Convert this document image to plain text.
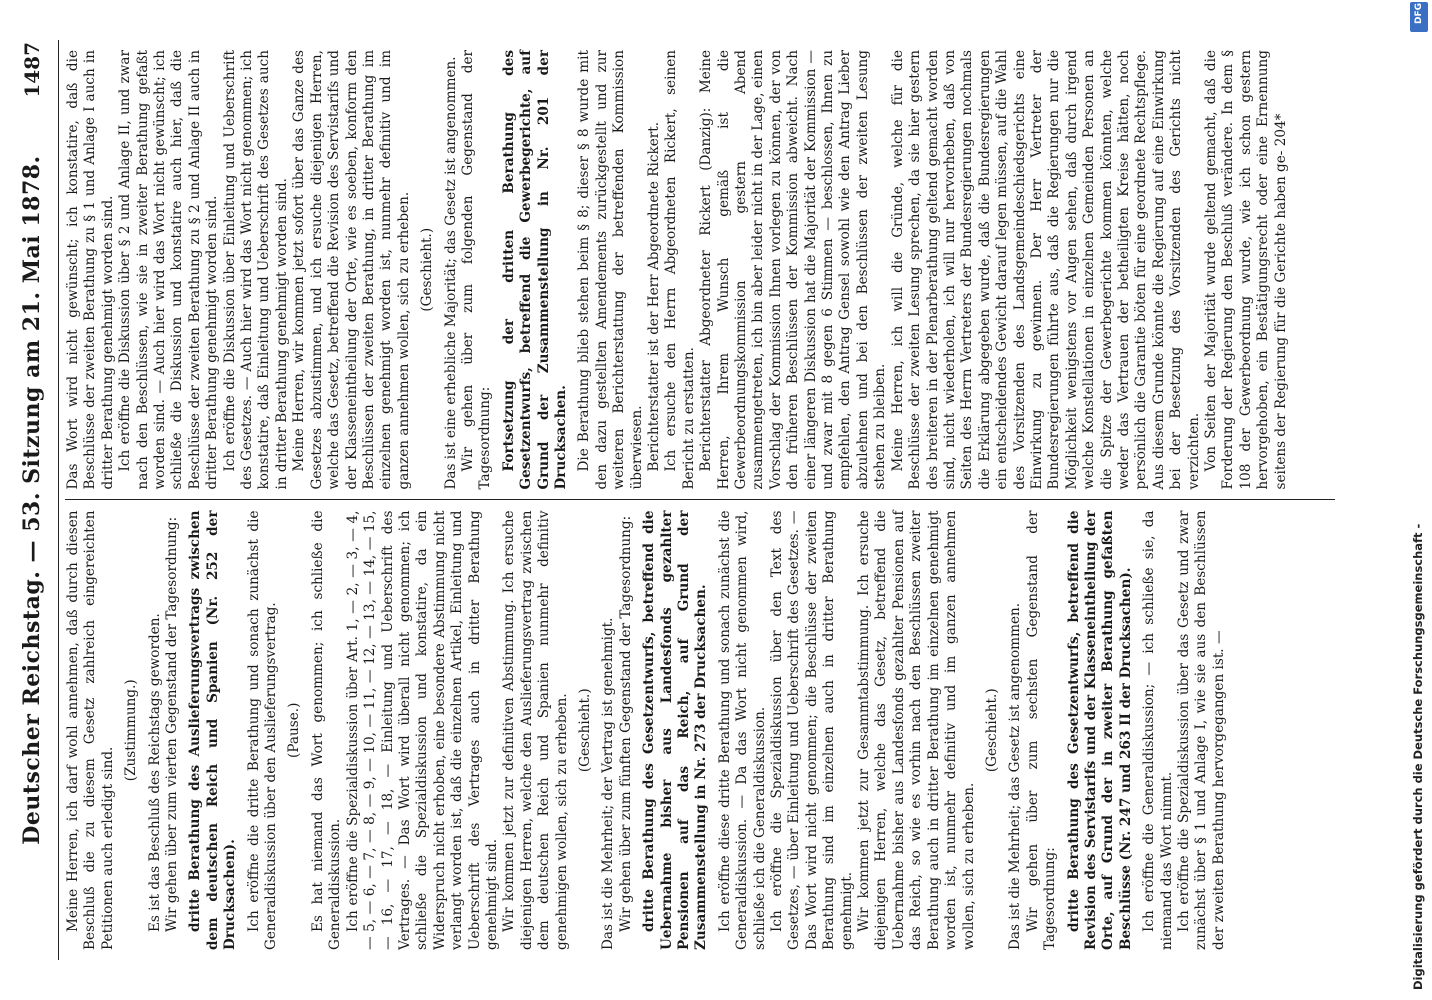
Deutscher Reichstag. — 53. Sitzung am 21. Mai 1878.
1487

Meine Herren, ich darf wohl annehmen, daß durch diesen Beschluß die zu diesem Gesetz zahlreich eingereichten Petitionen auch erledigt sind.

(Zustimmung.) Es ist das Beschluß des Reichstags geworden. Wir gehen über zum vierten Gegenstand der Tagesordnung: dritte Berathung des Auslieferungsvertrags zwischen dem deutschen Reich und Spanien (Nr. 252 der Drucksachen). Ich eröffne die dritte Berathung und sonach zunächst die Generaldiskussion über den Auslieferungsvertrag. (Pause.) Es hat niemand das Wort genommen; ich schließe die Generaldiskussion. Ich eröffne die Spezialdiskussion über Art. 1, — 2, — 3, — 4, — 5, — 6, — 7, — 8, — 9, — 10, — 11, — 12, — 13, — 14, — 15, — 16, — 17, — 18, — Einleitung und Ueberschrift des Vertrages. — Das Wort wird überall nicht genommen; ich schließe die Spezialdiskussion und konstatire, da ein Widerspruch nicht erhoben, eine besondere Abstimmung nicht verlangt worden ist, daß die einzelnen Artikel, Einleitung und Ueberschrift des Vertrages auch in dritter Berathung genehmigt sind. Wir kommen jetzt zur definitiven Abstimmung. Ich ersuche diejenigen Herren, welche den Auslieferungsvertrag zwischen dem deutschen Reich und Spanien nunmehr definitiv genehmigen wollen, sich zu erheben. (Geschieht.) Das ist die Mehrheit; der Vertrag ist genehmigt. Wir gehen über zum fünften Gegenstand der Tagesordnung: dritte Berathung des Gesetzentwurfs, betreffend die Uebernahme bisher aus Landesfonds gezahlter Pensionen auf das Reich, auf Grund der Zusammenstellung in Nr. 273 der Drucksachen. Ich eröffne diese dritte Berathung und sonach zunächst die Generaldiskussion. — Da das Wort nicht genommen wird, schließe ich die Generaldiskussion. Ich eröffne die Spezialdiskussion über den Text des Gesetzes, — über Einleitung und Ueberschrift des Gesetzes. — Das Wort wird nicht genommen; die Beschlüsse der zweiten Berathung sind im einzelnen auch in dritter Berathung genehmigt. Wir kommen jetzt zur Gesammtabstimmung. Ich ersuche diejenigen Herren, welche das Gesetz, betreffend die Uebernahme bisher aus Landesfonds gezahlter Pensionen auf das Reich, so wie es vorhin nach den Beschlüssen zweiter Berathung auch in dritter Berathung im einzelnen genehmigt worden ist, nunmehr definitiv und im ganzen annehmen wollen, sich zu erheben.

(Geschieht.) Das ist die Mehrheit; das Gesetz ist angenommen. Wir gehen über zum sechsten Gegenstand der Tagesordnung: dritte Berathung des Gesetzentwurfs, betreffend die Revision des Servistarifs und der Klasseneintheilung der Orte, auf Grund der in zweiter Berathung gefaßten Beschlüsse (Nr. 247 und 263 II der Drucksachen). Ich eröffne die Generaldiskussion; — ich schließe sie, da niemand das Wort nimmt. Ich eröffne die Spezialdiskussion über das Gesetz und zwar zunächst über § 1 und Anlage I, wie sie aus den Beschlüssen der zweiten Berathung hervorgegangen ist. —

Das Wort wird nicht gewünscht; ich konstatire, daß die Beschlüsse der zweiten Berathung zu § 1 und Anlage I auch in dritter Berathung genehmigt worden sind. Ich eröffne die Diskussion über § 2 und Anlage II, und zwar nach den Beschlüssen, wie sie in zweiter Berathung gefaßt worden sind. — Auch hier wird das Wort nicht gewünscht; ich schließe die Diskussion und konstatire auch hier, daß die Beschlüsse der zweiten Berathung zu § 2 und Anlage II auch in dritter Berathung genehmigt worden sind. Ich eröffne die Diskussion über Einleitung und Ueberschrift des Gesetzes. — Auch hier wird das Wort nicht genommen; ich konstatire, daß Einleitung und Ueberschrift des Gesetzes auch in dritter Berathung genehmigt worden sind. Meine Herren, wir kommen jetzt sofort über das Ganze des Gesetzes abzustimmen, und ich ersuche diejenigen Herren, welche das Gesetz, betreffend die Revision des Servistarifs und der Klasseneintheilung der Orte, wie es soeben, konform den Beschlüssen der zweiten Berathung, in dritter Berathung im einzelnen genehmigt worden ist, nunmehr definitiv und im ganzen annehmen wollen, sich zu erheben. (Geschieht.) Das ist eine erhebliche Majorität; das Gesetz ist angenommen. Wir gehen über zum folgenden Gegenstand der Tagesordnung: Fortsetzung der dritten Berathung des Gesetzentwurfs, betreffend die Gewerbegerichte, auf Grund der Zusammenstellung in Nr. 201 der Drucksachen. Die Berathung blieb stehen beim § 8; dieser § 8 wurde mit den dazu gestellten Amendements zurückgestellt und zur weiteren Berichterstattung der betreffenden Kommission überwiesen. Berichterstatter ist der Herr Abgeordnete Rickert. Ich ersuche den Herrn Abgeordneten Rickert, seinen Bericht zu erstatten. Berichterstatter Abgeordneter Rickert (Danzig): Meine Herren, Ihrem Wunsch gemäß ist die Gewerbeordnungskommission gestern Abend zusammengetreten, ich bin aber leider nicht in der Lage, einen Vorschlag der Kommission Ihnen vorlegen zu können, der von den früheren Beschlüssen der Kommission abweicht. Nach einer längeren Diskussion hat die Majorität der Kommission — und zwar mit 8 gegen 6 Stimmen — beschlossen, Ihnen zu empfehlen, den Antrag Gensel sowohl wie den Antrag Lieber abzulehnen und bei den Beschlüssen der zweiten Lesung stehen zu bleiben. Meine Herren, ich will die Gründe, welche für die Beschlüsse der zweiten Lesung sprechen, da sie hier gestern des breiteren in der Plenarberathung geltend gemacht worden sind, nicht wiederholen, ich will nur hervorheben, daß von Seiten des Herrn Vertreters der Bundesregierungen nochmals die Erklärung abgegeben wurde, daß die Bundesregierungen ein entscheidendes Gewicht darauf legen müssen, auf die Wahl des Vorsitzenden des Landsgemeindeschiedsgerichts eine Einwirkung zu gewinnen. Der Herr Vertreter der Bundesregierungen führte aus, daß die Regierungen nur die Möglichkeit wenigstens vor Augen sehen, daß durch irgend welche Konstellationen in einzelnen Gemeinden Personen an die Spitze der Gewerbegerichte kommen könnten, welche weder das Vertrauen der betheiligten Kreise hätten, noch persönlich die Garantie böten für eine geordnete Rechtspflege. Aus diesem Grunde könnte die Regierung auf eine Einwirkung bei der Besetzung des Vorsitzenden des Gerichts nicht verzichten. Von Seiten der Majorität wurde geltend gemacht, daß die Forderung der Regierung den Beschluß verändere. In dem § 108 der Gewerbeordnung wurde, wie ich schon gestern hervorgehoben, ein Bestätigungsrecht oder eine Ernennung seitens der Regierung für die Gerichte haben ge- 204*

DFG
Digitalisierung gefördert durch die Deutsche Forschungsgemeinschaft -
